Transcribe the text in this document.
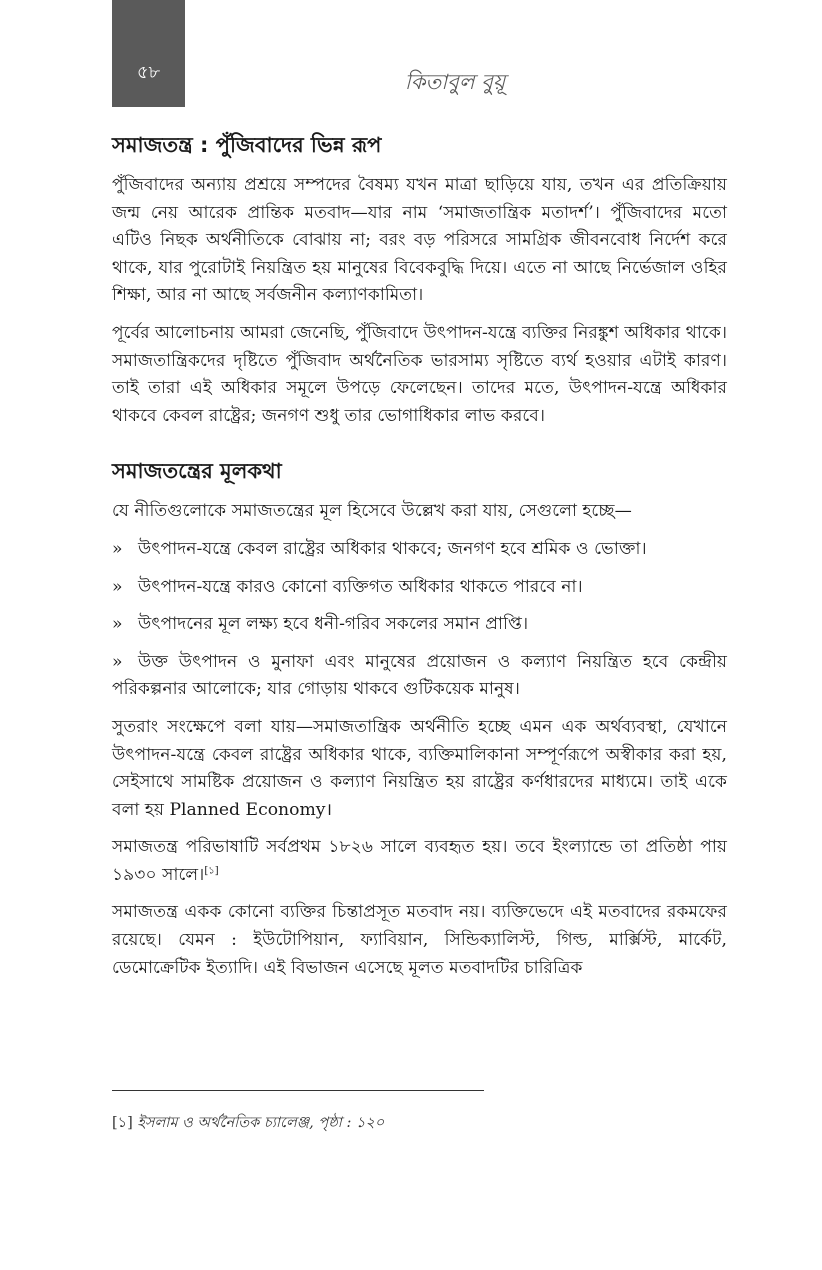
৫৮	কিতাবুল বুয়ূ
সমাজতন্ত্র : পুঁজিবাদের ভিন্ন রূপ

পুঁজিবাদের অন্যায় প্রশ্রয়ে সম্পদের বৈষম্য যখন মাত্রা ছাড়িয়ে যায়, তখন এর প্রতিক্রিয়ায় জন্ম নেয় আরেক প্রান্তিক মতবাদ—যার নাম ‘সমাজতান্ত্রিক মতাদর্শ’। পুঁজিবাদের মতো এটিও নিছক অর্থনীতিকে বোঝায় না; বরং বড় পরিসরে সামগ্রিক জীবনবোধ নির্দেশ করে থাকে, যার পুরোটাই নিয়ন্ত্রিত হয় মানুষের বিবেকবুদ্ধি দিয়ে। এতে না আছে নির্ভেজাল ওহির শিক্ষা, আর না আছে সর্বজনীন কল্যাণকামিতা।

পূর্বের আলোচনায় আমরা জেনেছি, পুঁজিবাদে উৎপাদন-যন্ত্রে ব্যক্তির নিরঙ্কুশ অধিকার থাকে। সমাজতান্ত্রিকদের দৃষ্টিতে পুঁজিবাদ অর্থনৈতিক ভারসাম্য সৃষ্টিতে ব্যর্থ হওয়ার এটাই কারণ। তাই তারা এই অধিকার সমূলে উপড়ে ফেলেছেন। তাদের মতে, উৎপাদন-যন্ত্রে অধিকার থাকবে কেবল রাষ্ট্রের; জনগণ শুধু তার ভোগাধিকার লাভ করবে।

সমাজতন্ত্রের মূলকথা

যে নীতিগুলোকে সমাজতন্ত্রের মূল হিসেবে উল্লেখ করা যায়, সেগুলো হচ্ছে—

» উৎপাদন-যন্ত্রে কেবল রাষ্ট্রের অধিকার থাকবে; জনগণ হবে শ্রমিক ও ভোক্তা।
» উৎপাদন-যন্ত্রে কারও কোনো ব্যক্তিগত অধিকার থাকতে পারবে না।
» উৎপাদনের মূল লক্ষ্য হবে ধনী-গরিব সকলের সমান প্রাপ্তি।
» উক্ত উৎপাদন ও মুনাফা এবং মানুষের প্রয়োজন ও কল্যাণ নিয়ন্ত্রিত হবে কেন্দ্রীয় পরিকল্পনার আলোকে; যার গোড়ায় থাকবে গুটিকয়েক মানুষ।

সুতরাং সংক্ষেপে বলা যায়—সমাজতান্ত্রিক অর্থনীতি হচ্ছে এমন এক অর্থব্যবস্থা, যেখানে উৎপাদন-যন্ত্রে কেবল রাষ্ট্রের অধিকার থাকে, ব্যক্তিমালিকানা সম্পূর্ণরূপে অস্বীকার করা হয়, সেইসাথে সামষ্টিক প্রয়োজন ও কল্যাণ নিয়ন্ত্রিত হয় রাষ্ট্রের কর্ণধারদের মাধ্যমে। তাই একে বলা হয় Planned Economy।

সমাজতন্ত্র পরিভাষাটি সর্বপ্রথম ১৮২৬ সালে ব্যবহৃত হয়। তবে ইংল্যান্ডে তা প্রতিষ্ঠা পায় ১৯৩০ সালে।[১]

সমাজতন্ত্র একক কোনো ব্যক্তির চিন্তাপ্রসূত মতবাদ নয়। ব্যক্তিভেদে এই মতবাদের রকমফের রয়েছে। যেমন : ইউটোপিয়ান, ফ্যাবিয়ান, সিন্ডিক্যালিস্ট, গিল্ড, মার্ক্সিস্ট, মার্কেট, ডেমোক্রেটিক ইত্যাদি। এই বিভাজন এসেছে মূলত মতবাদটির চারিত্রিক

[১] ইসলাম ও অর্থনৈতিক চ্যালেঞ্জ, পৃষ্ঠা : ১২০
